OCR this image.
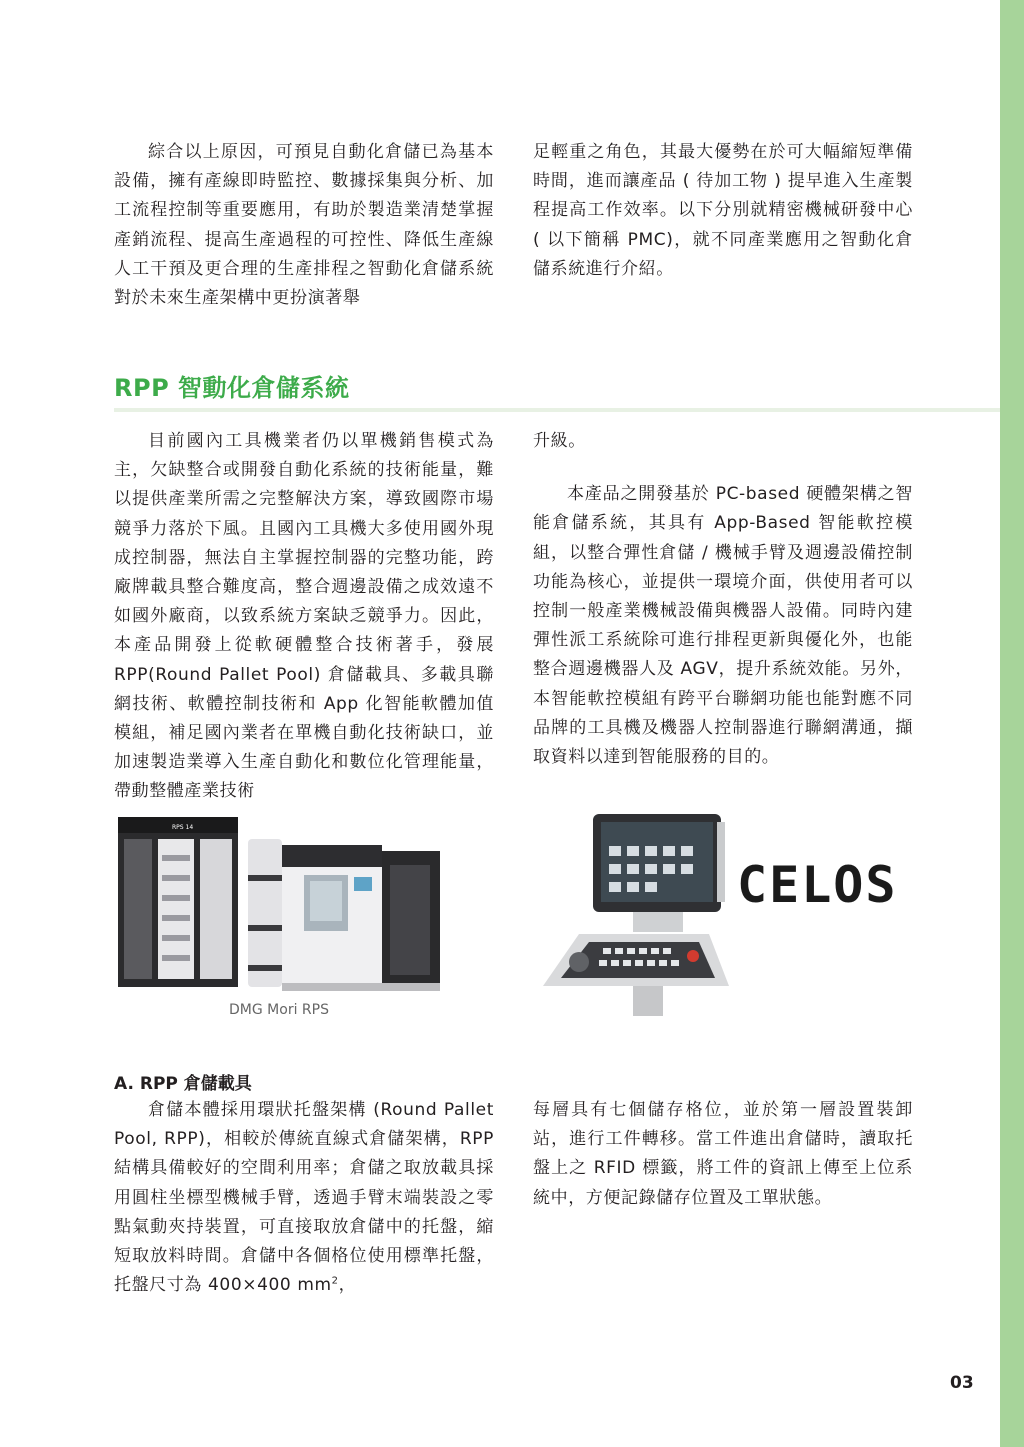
綜合以上原因，可預見自動化倉儲已為基本設備，擁有產線即時監控、數據採集與分析、加工流程控制等重要應用，有助於製造業清楚掌握產銷流程、提高生產過程的可控性、降低生產線人工干預及更合理的生產排程之智動化倉儲系統對於未來生產架構中更扮演著舉

足輕重之角色，其最大優勢在於可大幅縮短準備時間，進而讓產品 ( 待加工物 ) 提早進入生產製程提高工作效率。以下分別就精密機械研發中心 ( 以下簡稱 PMC)，就不同產業應用之智動化倉儲系統進行介紹。

RPP 智動化倉儲系統

目前國內工具機業者仍以單機銷售模式為主，欠缺整合或開發自動化系統的技術能量，難以提供產業所需之完整解決方案，導致國際市場競爭力落於下風。且國內工具機大多使用國外現成控制器，無法自主掌握控制器的完整功能，跨廠牌載具整合難度高，整合週邊設備之成效遠不如國外廠商，以致系統方案缺乏競爭力。因此，本產品開發上從軟硬體整合技術著手，發展 RPP(Round Pallet Pool) 倉儲載具、多載具聯網技術、軟體控制技術和 App 化智能軟體加值模組，補足國內業者在單機自動化技術缺口，並加速製造業導入生產自動化和數位化管理能量，帶動整體產業技術

升級。

本產品之開發基於 PC-based 硬體架構之智能倉儲系統，其具有 App-Based 智能軟控模組，以整合彈性倉儲 / 機械手臂及週邊設備控制功能為核心，並提供一環境介面，供使用者可以控制一般產業機械設備與機器人設備。同時內建彈性派工系統除可進行排程更新與優化外，也能整合週邊機器人及 AGV，提升系統效能。另外，本智能軟控模組有跨平台聯網功能也能對應不同品牌的工具機及機器人控制器進行聯網溝通，擷取資料以達到智能服務的目的。

RPS 14
DMG Mori RPS
CELOS
A. RPP 倉儲載具

倉儲本體採用環狀托盤架構 (Round Pallet Pool, RPP)，相較於傳統直線式倉儲架構，RPP 結構具備較好的空間利用率；倉儲之取放載具採用圓柱坐標型機械手臂，透過手臂末端裝設之零點氣動夾持裝置，可直接取放倉儲中的托盤，縮短取放料時間。倉儲中各個格位使用標準托盤，托盤尺寸為 400×400 $mm^2$，

每層具有七個儲存格位，並於第一層設置裝卸站，進行工件轉移。當工件進出倉儲時，讀取托盤上之 RFID 標籤，將工件的資訊上傳至上位系統中，方便記錄儲存位置及工單狀態。

03
